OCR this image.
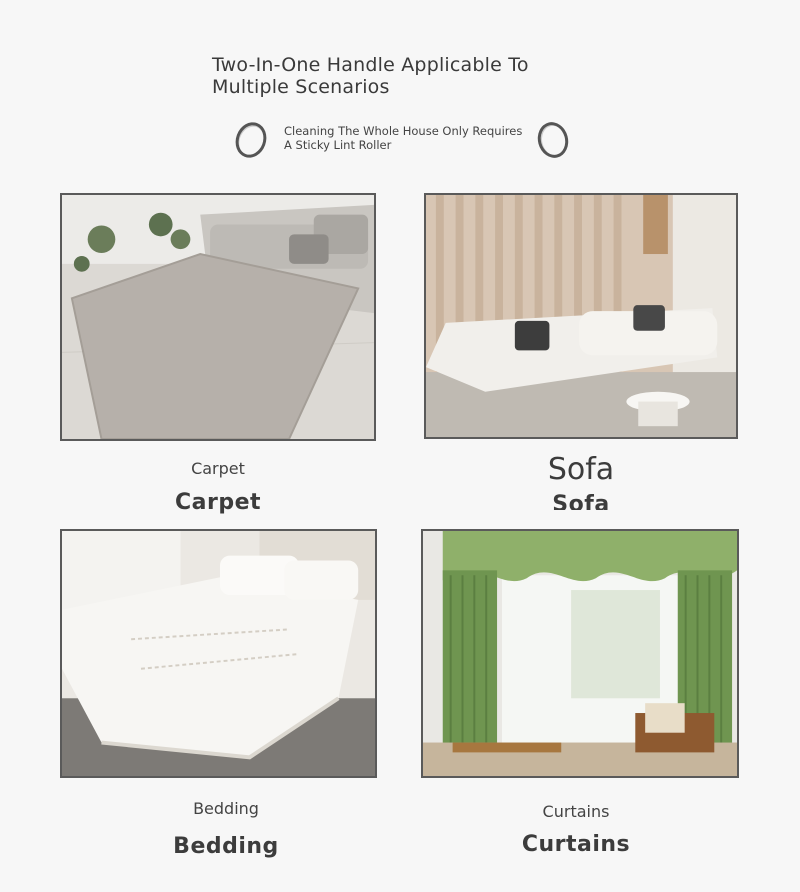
Two-In-One Handle Applicable To Multiple Scenarios
Cleaning The Whole House Only Requires A Sticky Lint Roller
Carpet
Carpet
Sofa
Sofa
Bedding
Bedding
Curtains
Curtains
